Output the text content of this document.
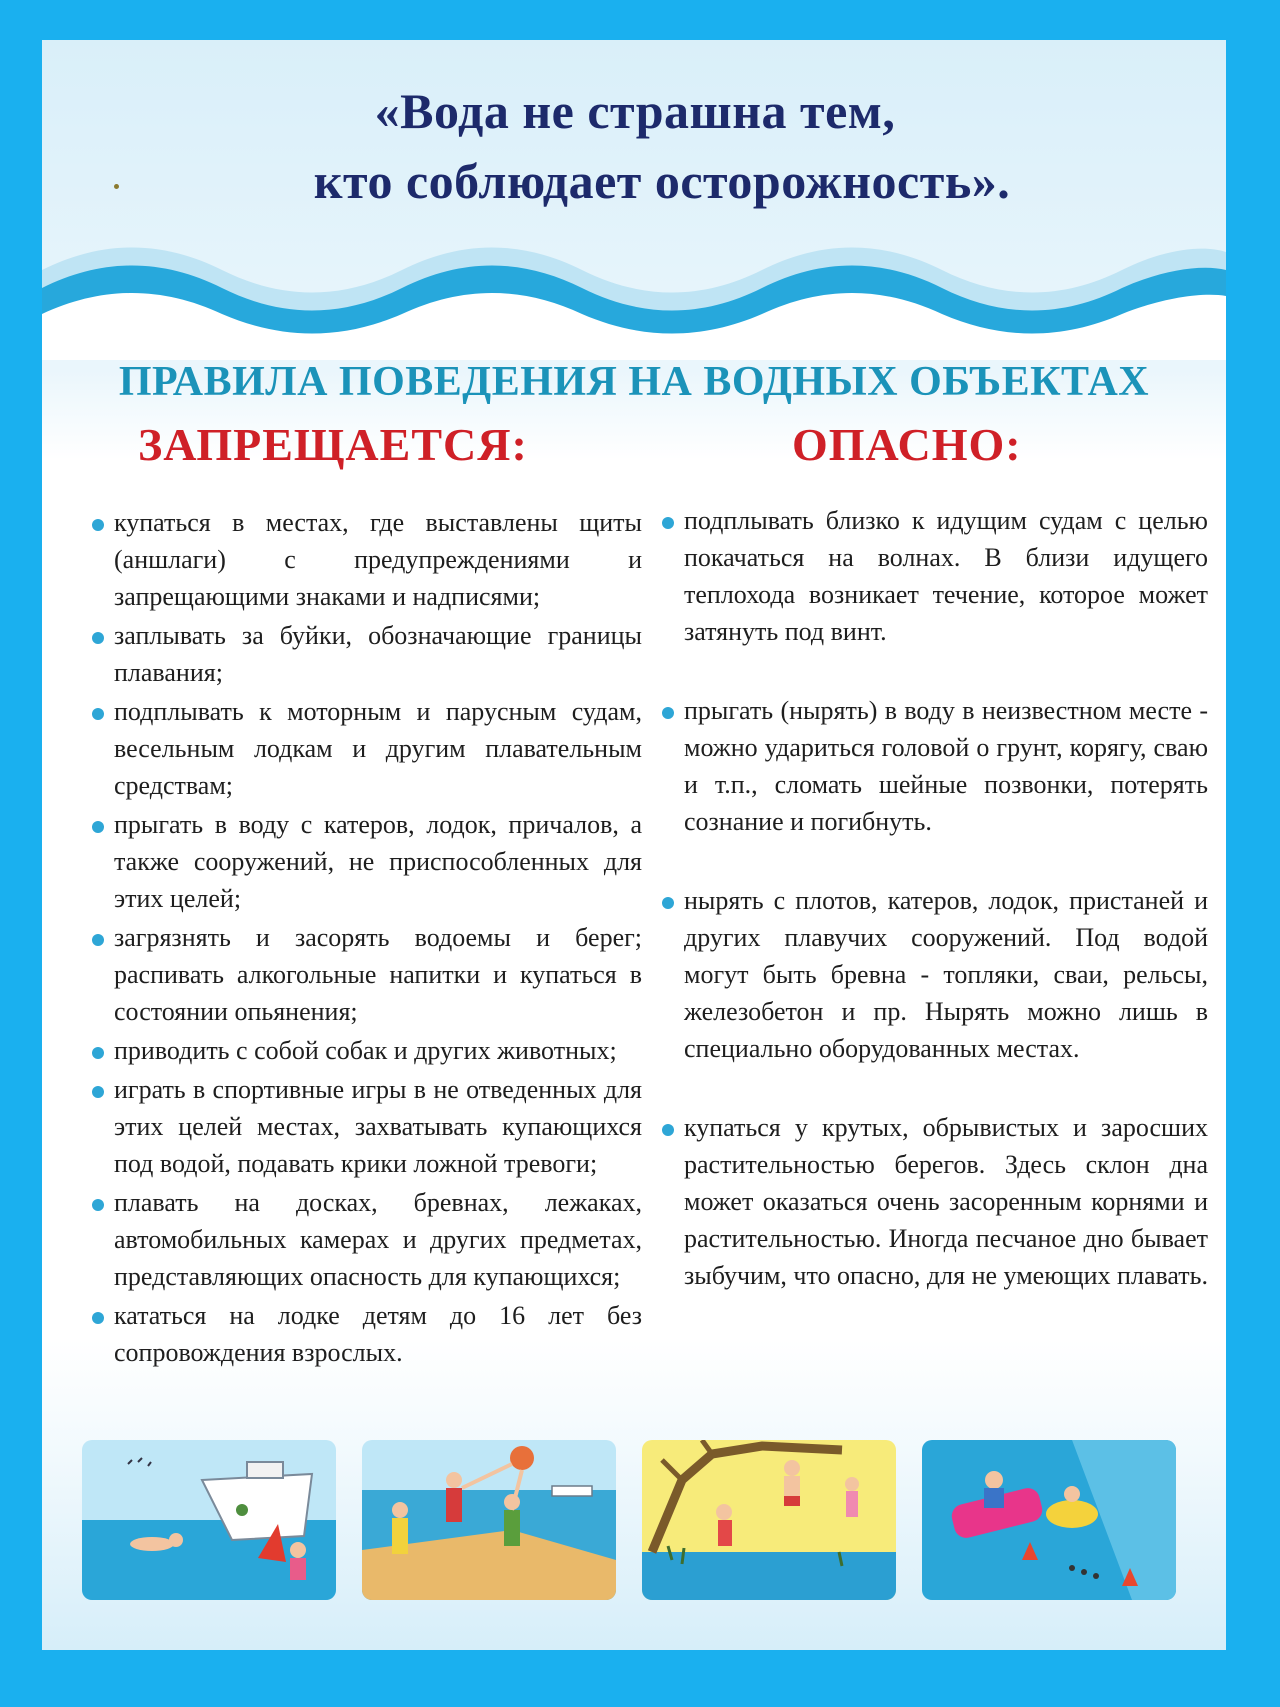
«Вода не страшна тем,
кто соблюдает осторожность».
ПРАВИЛА ПОВЕДЕНИЯ НА ВОДНЫХ ОБЪЕКТАХ
ЗАПРЕЩАЕТСЯ:	ОПАСНО:
купаться в местах, где выставлены щиты (аншлаги) с предупреждениями и запрещающими знаками и надписями;
заплывать за буйки, обозначающие границы плавания;
подплывать к моторным и парусным судам, весельным лодкам и другим плавательным средствам;
прыгать в воду с катеров, лодок, причалов, а также сооружений, не приспособленных для этих целей;
загрязнять и засорять водоемы и берег; распивать алкогольные напитки и купаться в состоянии опьянения;
приводить с собой собак и других животных;
играть в спортивные игры в не отведенных для этих целей местах, захватывать купающихся под водой, подавать крики ложной тревоги;
плавать на досках, бревнах, лежаках, автомобильных камерах и других предметах, представляющих опасность для купающихся;
кататься на лодке детям до 16 лет без сопровождения взрослых.
подплывать близко к идущим судам с целью покачаться на волнах. В близи идущего теплохода возникает течение, которое может затянуть под винт.
прыгать (нырять) в воду в неизвестном месте - можно удариться головой о грунт, корягу, сваю и т.п., сломать шейные позвонки, потерять сознание и погибнуть.
нырять с плотов, катеров, лодок, пристаней и других плавучих сооружений. Под водой могут быть бревна - топляки, сваи, рельсы, железобетон и пр. Нырять можно лишь в специально оборудованных местах.
купаться у крутых, обрывистых и заросших растительностью берегов. Здесь склон дна может оказаться очень засоренным корнями и растительностью. Иногда песчаное дно бывает зыбучим, что опасно, для не умеющих плавать.
